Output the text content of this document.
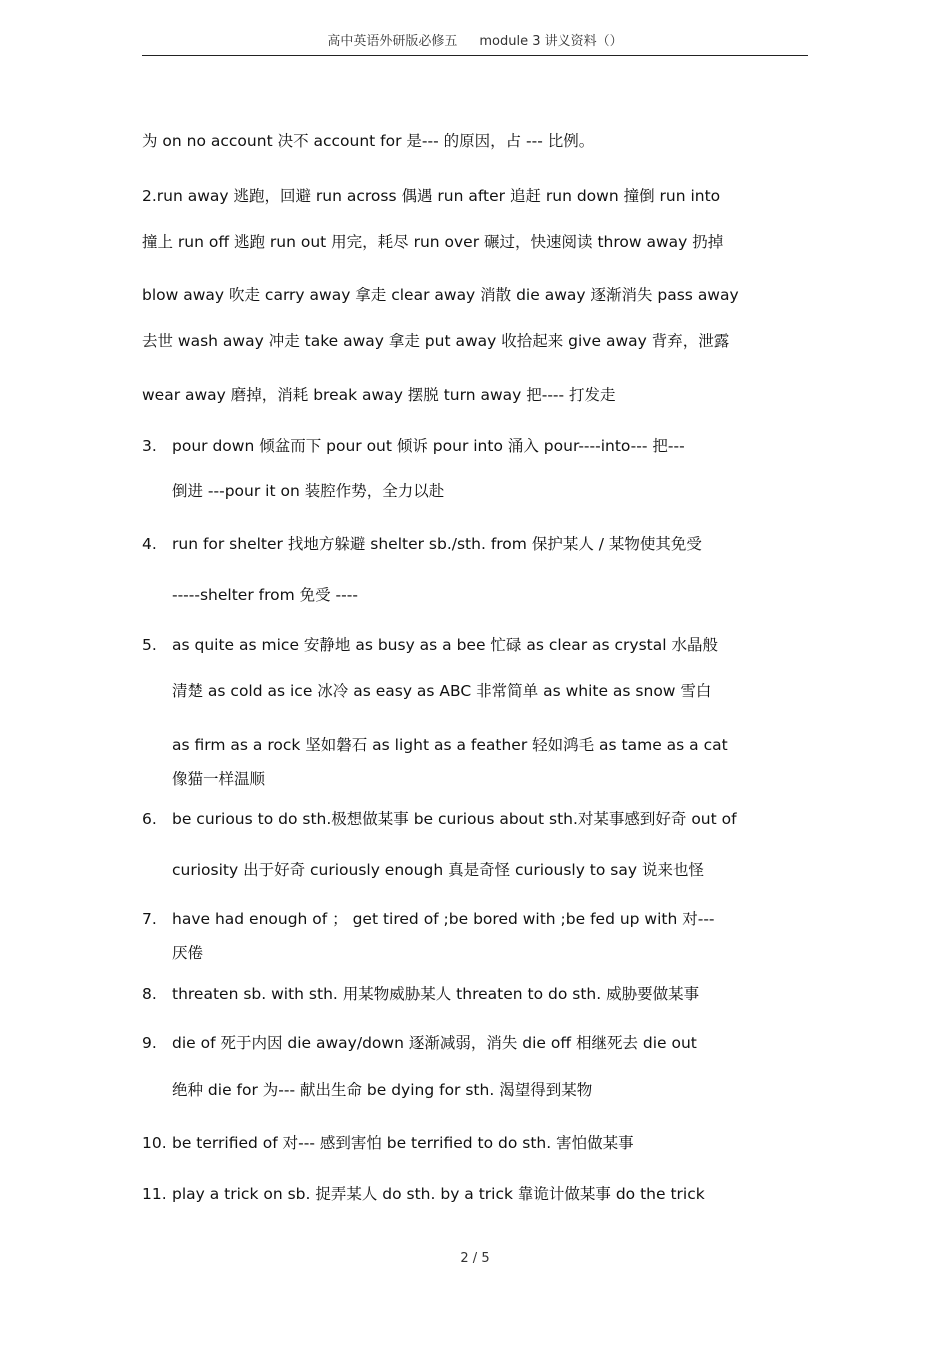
高中英语外研版必修五 module 3 讲义资料（）
为 on no account 决不 account for 是--- 的原因，占 --- 比例。
2.run away 逃跑，回避 run across 偶遇 run after 追赶 run down 撞倒 run into
撞上 run off 逃跑 run out 用完，耗尽 run over 碾过，快速阅读 throw away 扔掉
blow away 吹走 carry away 拿走 clear away 消散 die away 逐渐消失 pass away
去世 wash away 冲走 take away 拿走 put away 收拾起来 give away 背弃，泄露
wear away 磨掉，消耗 break away 摆脱 turn away 把---- 打发走
3. pour down 倾盆而下 pour out 倾诉 pour into 涌入 pour----into--- 把---
倒进 ---pour it on 装腔作势，全力以赴
4. run for shelter 找地方躲避 shelter sb./sth. from 保护某人 / 某物使其免受
-----shelter from 免受 ----
5. as quite as mice 安静地 as busy as a bee 忙碌 as clear as crystal 水晶般
清楚 as cold as ice 冰冷 as easy as ABC 非常简单 as white as snow 雪白
as firm as a rock 坚如磐石 as light as a feather 轻如鸿毛 as tame as a cat
像猫一样温顺
6. be curious to do sth.极想做某事 be curious about sth.对某事感到好奇 out of
curiosity 出于好奇 curiously enough 真是奇怪 curiously to say 说来也怪
7. have had enough of ； get tired of ;be bored with ;be fed up with 对---
厌倦
8. threaten sb. with sth. 用某物威胁某人 threaten to do sth. 威胁要做某事
9. die of 死于内因 die away/down 逐渐减弱，消失 die off 相继死去 die out
绝种 die for 为--- 献出生命 be dying for sth. 渴望得到某物
10. be terrified of 对--- 感到害怕 be terrified to do sth. 害怕做某事
11. play a trick on sb. 捉弄某人 do sth. by a trick 靠诡计做某事 do the trick
2 / 5
